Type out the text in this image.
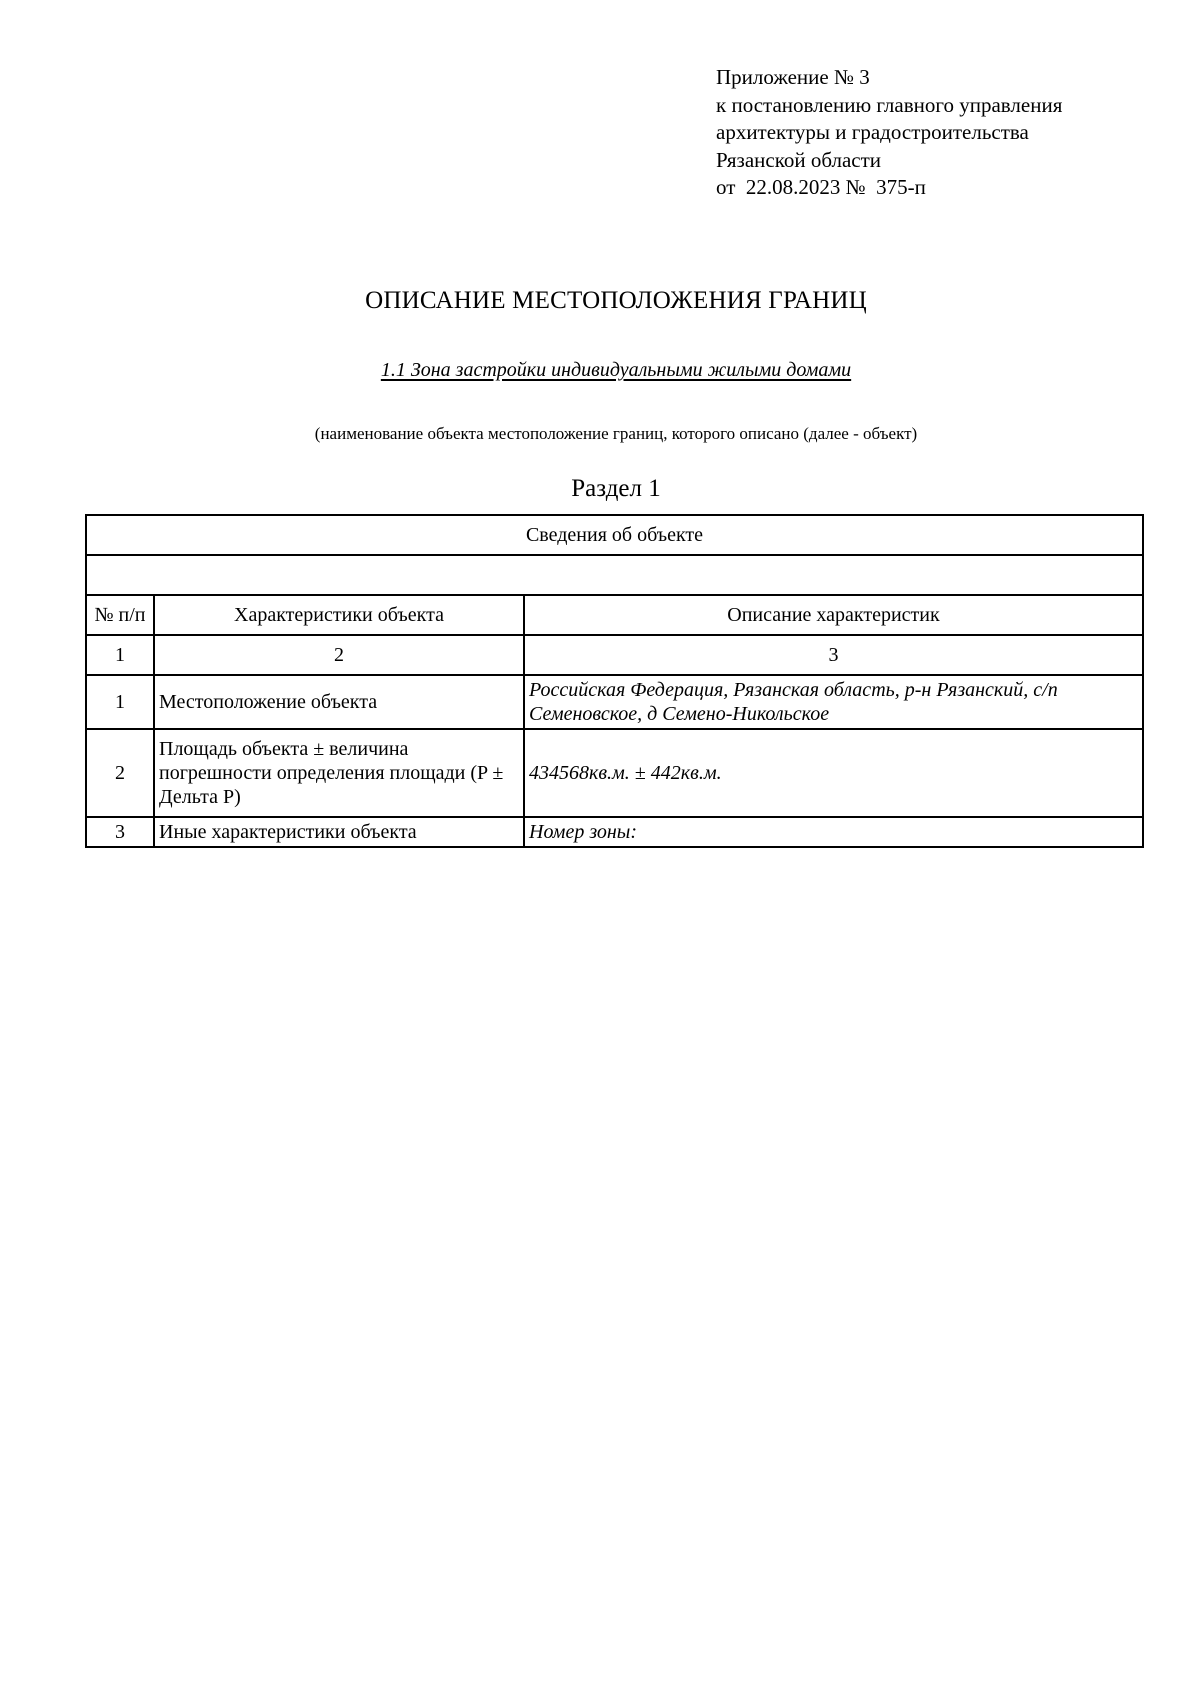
Приложение № 3
к постановлению главного управления
архитектуры и градостроительства
Рязанской области
от  22.08.2023 №  375-п
ОПИСАНИЕ МЕСТОПОЛОЖЕНИЯ ГРАНИЦ
1.1 Зона застройки индивидуальными жилыми домами
(наименование объекта местоположение границ, которого описано (далее - объект)
Раздел 1
Сведения об объекте		

№ п/п	Характеристики объекта	Описание характеристик
1	2	3
1	Местоположение объекта	Российская Федерация, Рязанская область, р-н Рязанский, с/п Семеновское, д Семено-Никольское
2	Площадь объекта ± величина погрешности определения площади (P ± Дельта P)	434568кв.м. ± 442кв.м.
3	Иные характеристики объекта	Номер зоны:
